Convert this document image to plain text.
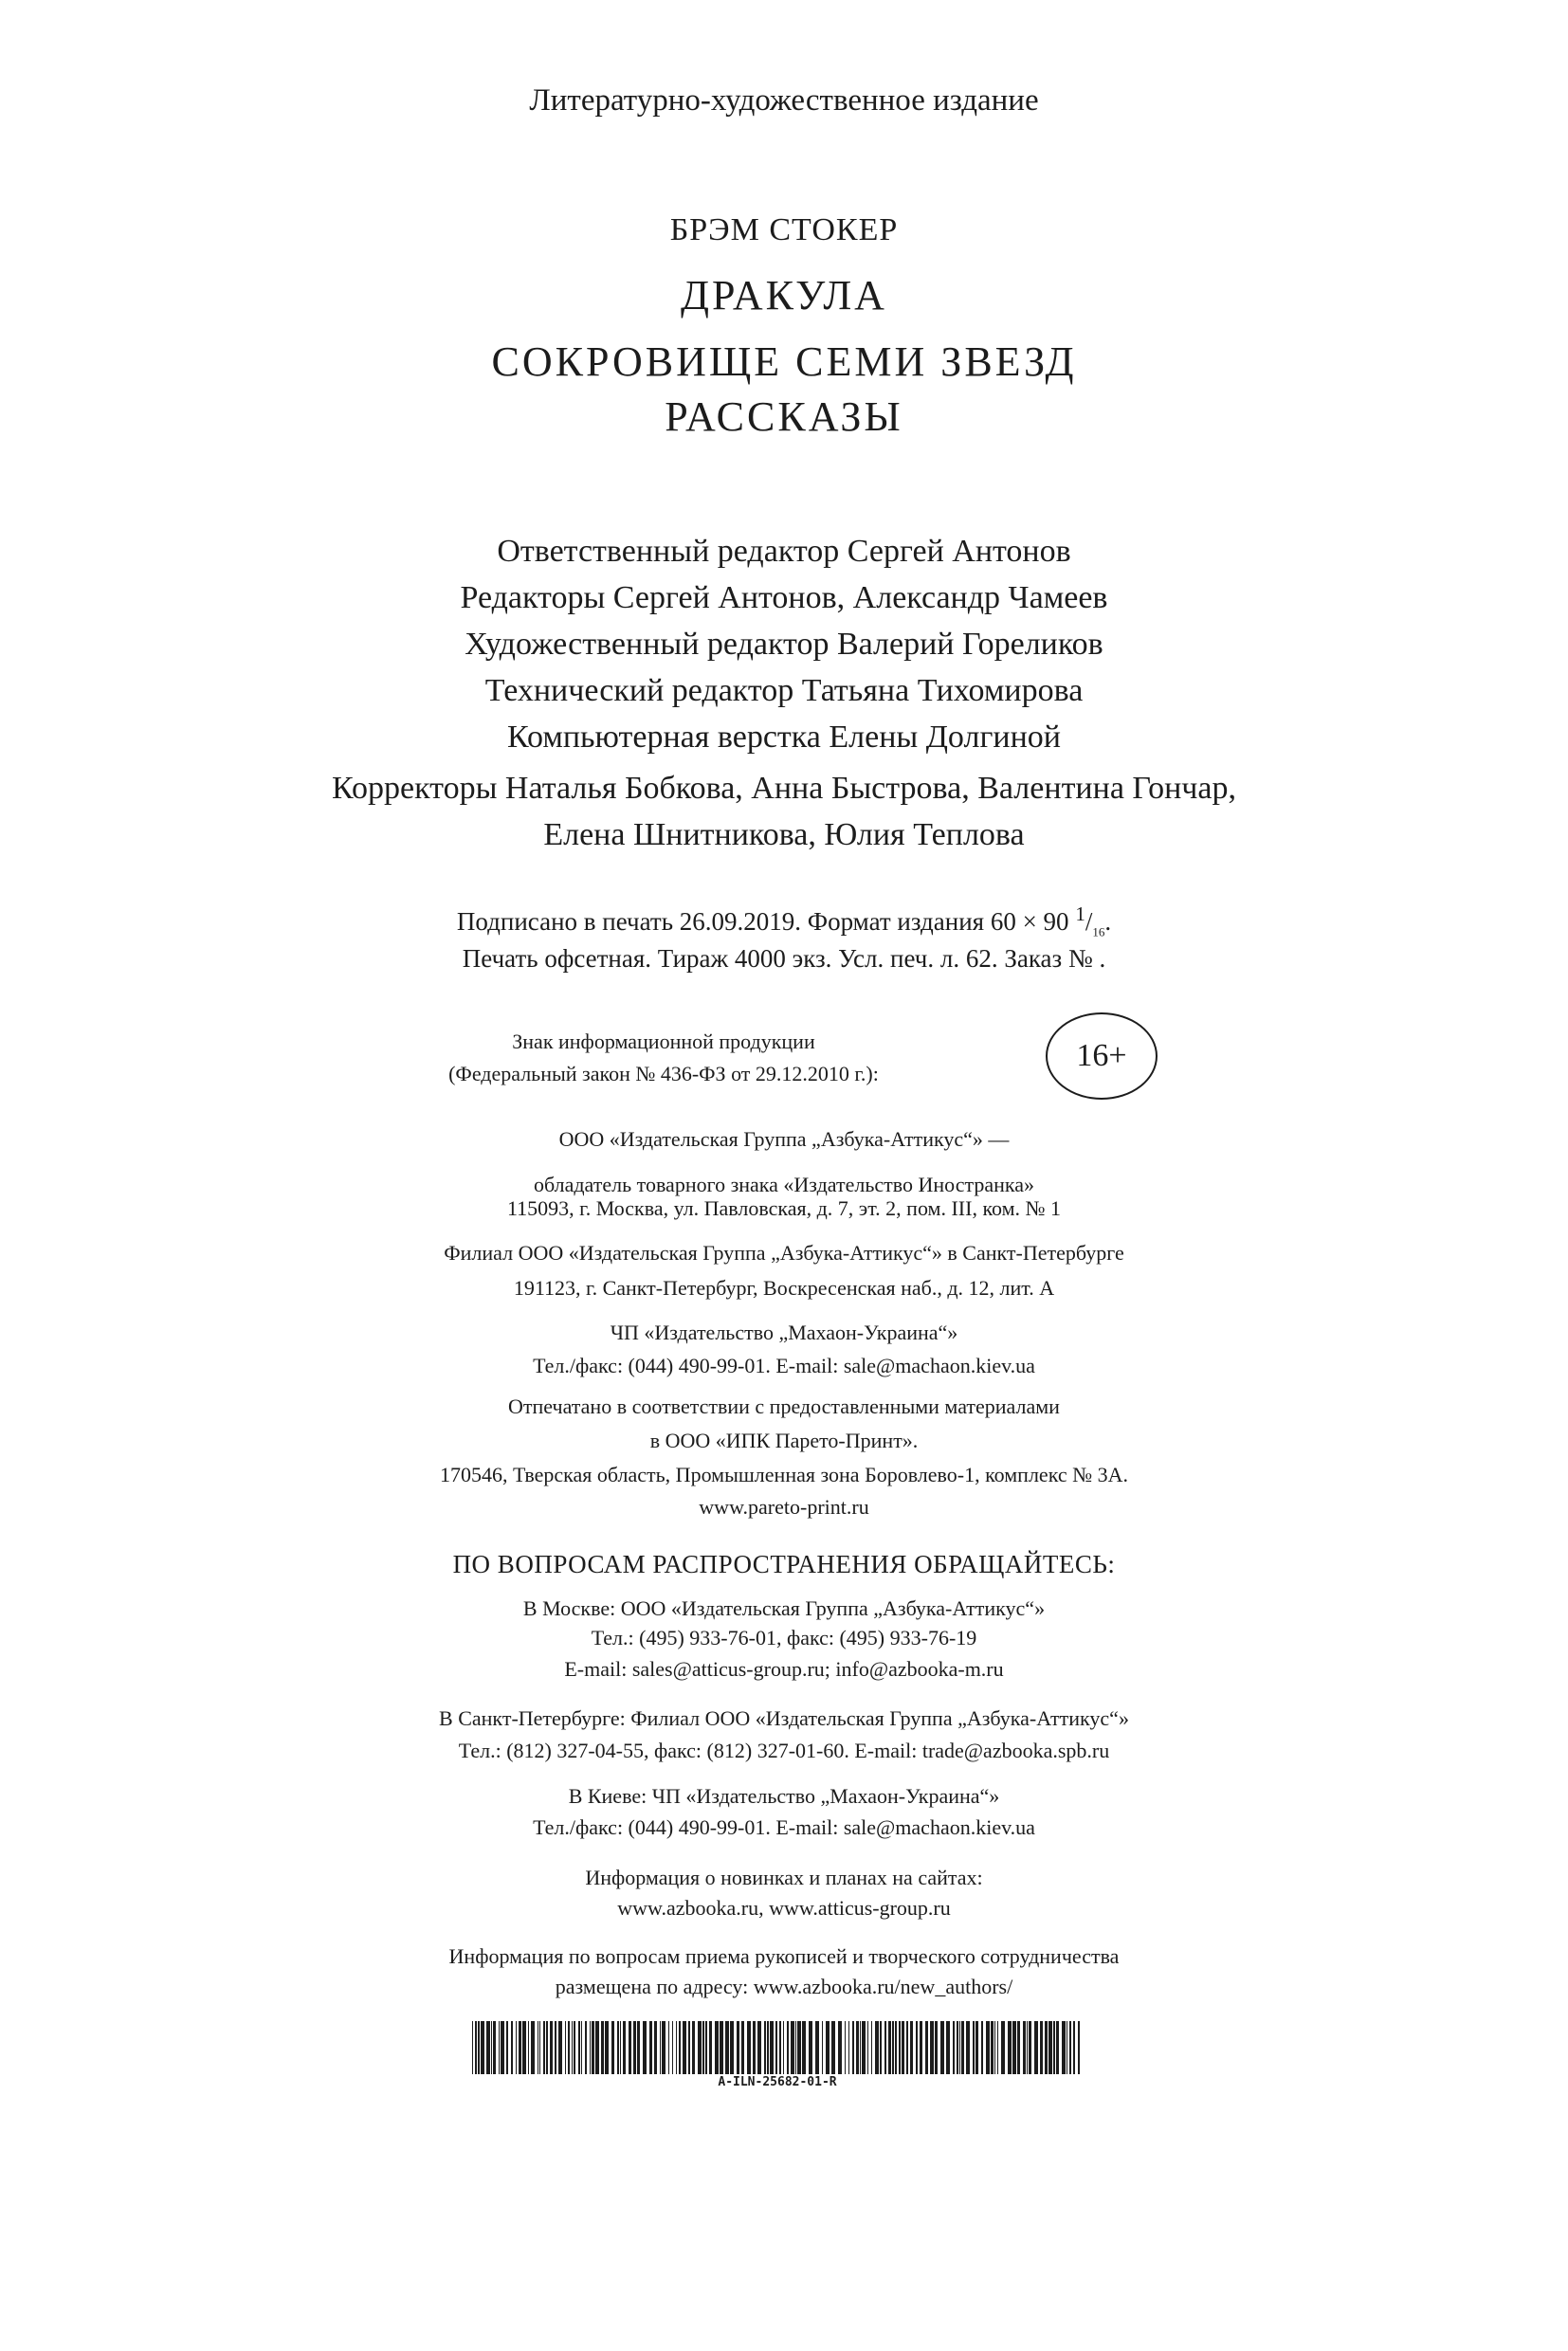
Литературно-художественное издание
БРЭМ СТОКЕР
ДРАКУЛА
СОКРОВИЩЕ СЕМИ ЗВЕЗД
РАССКАЗЫ
Ответственный редактор Сергей Антонов
Редакторы Сергей Антонов, Александр Чамеев
Художественный редактор Валерий Гореликов
Технический редактор Татьяна Тихомирова
Компьютерная верстка Елены Долгиной
Корректоры Наталья Бобкова, Анна Быстрова, Валентина Гончар,
Елена Шнитникова, Юлия Теплова
Подписано в печать 26.09.2019. Формат издания 60 × 90 $^1/_{16}$.
Печать офсетная. Тираж 4000 экз. Усл. печ. л. 62. Заказ № .
Знак информационной продукции
(Федеральный закон № 436-ФЗ от 29.12.2010 г.):
16+
ООО «Издательская Группа „Азбука-Аттикус“» —
обладатель товарного знака «Издательство Иностранка»
115093, г. Москва, ул. Павловская, д. 7, эт. 2, пом. III, ком. № 1
Филиал ООО «Издательская Группа „Азбука-Аттикус“» в Санкт-Петербурге
191123, г. Санкт-Петербург, Воскресенская наб., д. 12, лит. А
ЧП «Издательство „Махаон-Украина“»
Тел./факс: (044) 490-99-01. E-mail: sale@machaon.kiev.ua
Отпечатано в соответствии с предоставленными материалами
в ООО «ИПК Парето-Принт».
170546, Тверская область, Промышленная зона Боровлево-1, комплекс № 3А.
www.pareto-print.ru
ПО ВОПРОСАМ РАСПРОСТРАНЕНИЯ ОБРАЩАЙТЕСЬ:
В Москве: ООО «Издательская Группа „Азбука-Аттикус“»
Тел.: (495) 933-76-01, факс: (495) 933-76-19
E-mail: sales@atticus-group.ru; info@azbooka-m.ru
В Санкт-Петербурге: Филиал ООО «Издательская Группа „Азбука-Аттикус“»
Тел.: (812) 327-04-55, факс: (812) 327-01-60. E-mail: trade@azbooka.spb.ru
В Киеве: ЧП «Издательство „Махаон-Украина“»
Тел./факс: (044) 490-99-01. E-mail: sale@machaon.kiev.ua
Информация о новинках и планах на сайтах:
www.azbooka.ru, www.atticus-group.ru
Информация по вопросам приема рукописей и творческого сотрудничества
размещена по адресу: www.azbooka.ru/new_authors/
A-ILN-25682-01-R
